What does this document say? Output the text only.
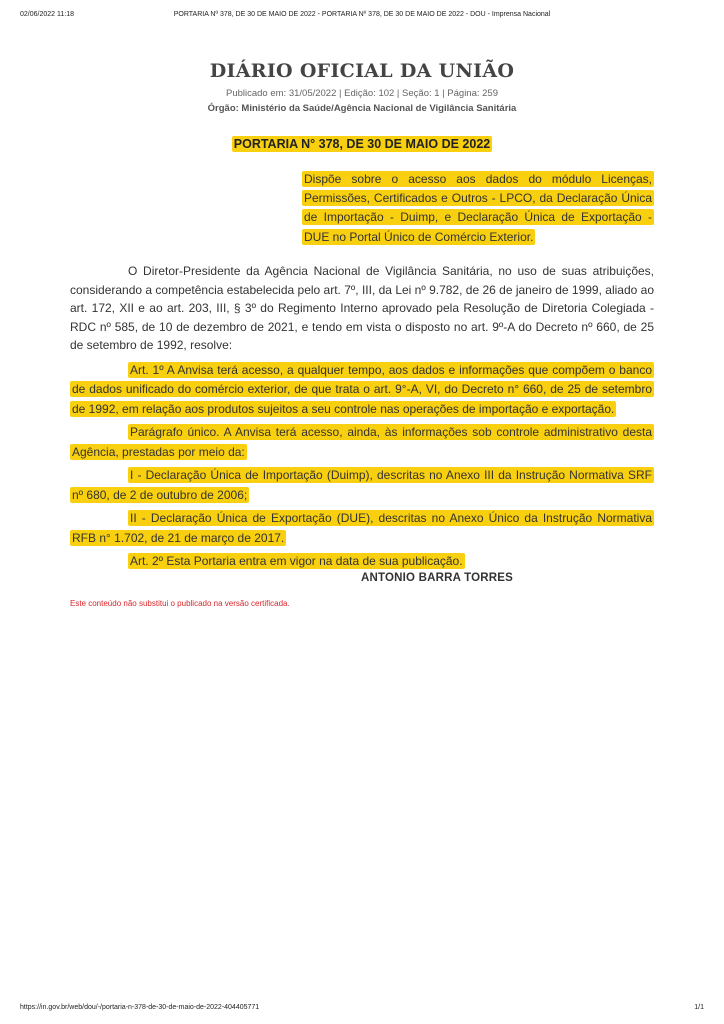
02/06/2022 11:18	PORTARIA Nº 378, DE 30 DE MAIO DE 2022 - PORTARIA Nº 378, DE 30 DE MAIO DE 2022 - DOU - Imprensa Nacional
DIÁRIO OFICIAL DA UNIÃO
Publicado em: 31/05/2022 | Edição: 102 | Seção: 1 | Página: 259
Órgão: Ministério da Saúde/Agência Nacional de Vigilância Sanitária
PORTARIA N° 378, DE 30 DE MAIO DE 2022
Dispõe sobre o acesso aos dados do módulo Licenças, Permissões, Certificados e Outros - LPCO, da Declaração Única de Importação - Duimp, e Declaração Única de Exportação - DUE no Portal Único de Comércio Exterior.

O Diretor-Presidente da Agência Nacional de Vigilância Sanitária, no uso de suas atribuições, considerando a competência estabelecida pelo art. 7º, III, da Lei nº 9.782, de 26 de janeiro de 1999, aliado ao art. 172, XII e ao art. 203, III, § 3º do Regimento Interno aprovado pela Resolução de Diretoria Colegiada - RDC nº 585, de 10 de dezembro de 2021, e tendo em vista o disposto no art. 9º-A do Decreto nº 660, de 25 de setembro de 1992, resolve:

Art. 1º A Anvisa terá acesso, a qualquer tempo, aos dados e informações que compõem o banco de dados unificado do comércio exterior, de que trata o art. 9°-A, VI, do Decreto n° 660, de 25 de setembro de 1992, em relação aos produtos sujeitos a seu controle nas operações de importação e exportação.

Parágrafo único. A Anvisa terá acesso, ainda, às informações sob controle administrativo desta Agência, prestadas por meio da:

I - Declaração Única de Importação (Duimp), descritas no Anexo III da Instrução Normativa SRF nº 680, de 2 de outubro de 2006;

II - Declaração Única de Exportação (DUE), descritas no Anexo Único da Instrução Normativa RFB n° 1.702, de 21 de março de 2017.

Art. 2º Esta Portaria entra em vigor na data de sua publicação.

ANTONIO BARRA TORRES
Este conteúdo não substitui o publicado na versão certificada.
https://in.gov.br/web/dou/-/portaria-n-378-de-30-de-maio-de-2022-404405771	1/1
